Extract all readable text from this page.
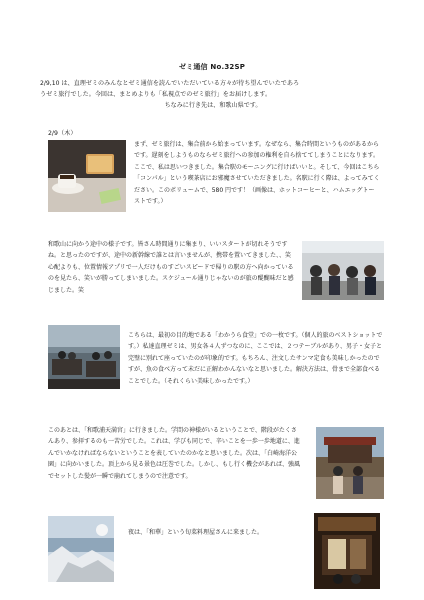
ゼミ通信 No.32SP
2/9,10 は、直理ゼミのみんなとゼミ通信を読んでいただいている方々が待ち望んでいたであろ
うゼミ旅行でした。今回は、まとめよりも「私視点でのゼミ旅行」をお届けします。
ちなみに行き先は、和歌山県です。
2/9（木）
まず、ゼミ旅行は、集合前から始まっています。なぜなら、集合時間というものがあるからです。遅刻をしようものならゼミ旅行への参加の権利を自ら捨ててしまうことになります。ここで、私は思いつきました。集合駅のモーニングに行けばいいと。そして、今回はこちら「コンパル」という喫茶店にお邪魔させていただきました。名駅に行く際は、よってみてください。このボリュームで、580 円です！（画像は、ホットコーヒーと、ハムエッグトーストです。）
和歌山に向かう途中の様子です。皆さん時間通りに集まり、いいスタートが切れそうですね。と思ったのですが、途中の新幹線で誰とは言いませんが、携帯を置いてきました、、笑　心配よりも、位置情報アプリで一人だけものすごいスピードで帰りの駅の方へ向かっているのを見たら、笑いが勝ってしまいました。スケジュール通りじゃないのが旅の醍醐味だと感じました。笑
こちらは、最初の目的地である「わかうら食堂」での一枚です。（個人的旅のベストショットです。）私達直理ゼミは、男女各４人ずつなのに、ここでは、２つテーブルがあり、男子・女子と完璧に別れて座っていたのが印象的です。もちろん、注文したサンマ定食も美味しかったのですが、魚の食べ方って未だに正解わかんないなと思いました。解決方法は、骨まで全部食べることでした。（それくらい美味しかったです。）
このあとは、「和歌浦天満宮」に行きました。学問の神様がいるということで、階段がたくさんあり、参拝するのも一苦労でした。これは、学びも同じで、辛いことを一歩一歩地道に、進んでいかなければならないということを表していたのかなと思いました。次は、「白崎海洋公園」に向かいました。頂上から見る景色は圧巻でした。しかし、もし行く機会があれば、強風でセットした髪が一瞬で崩れてしまうので注意です。
夜は、「和華」という旬菜料理屋さんに来ました。
